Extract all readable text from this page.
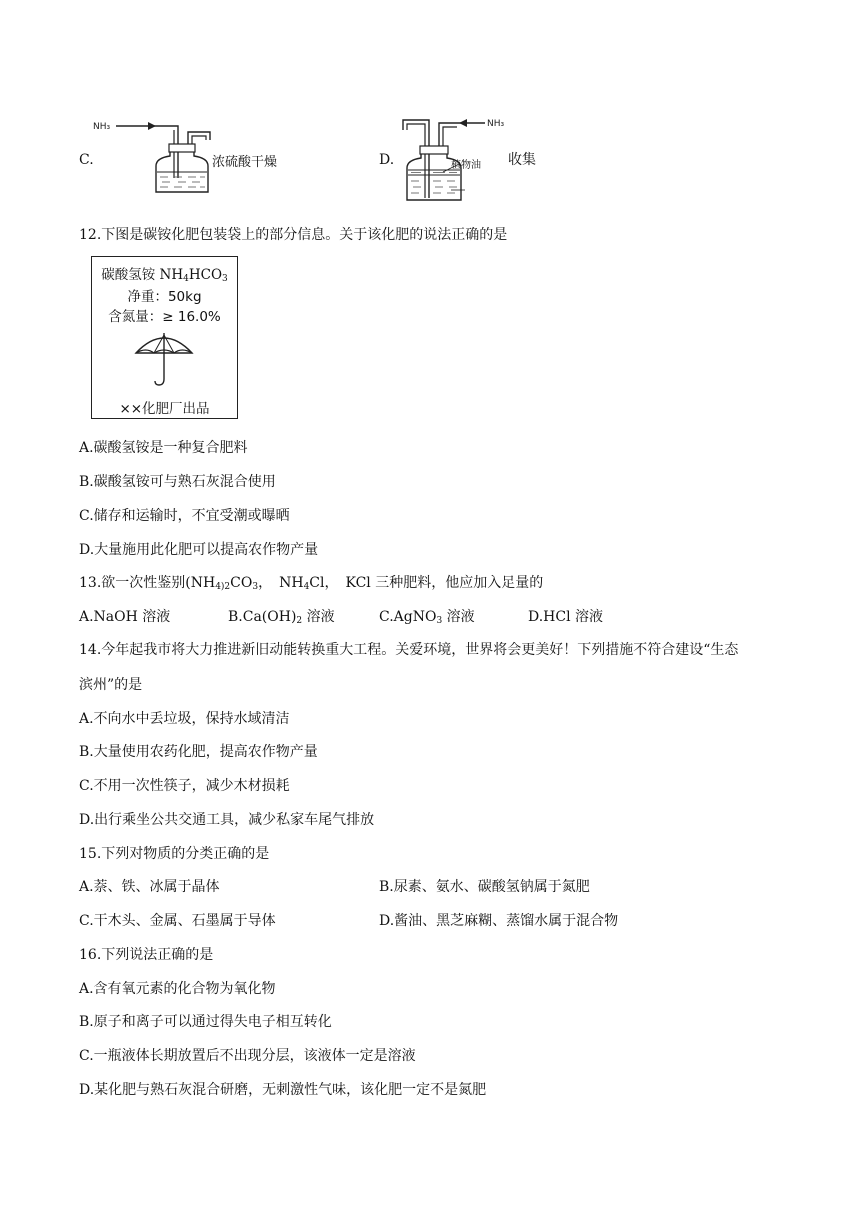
C.
NH₃
浓硫酸干燥	D.
NH₃
植物油 收集
12.下图是碳铵化肥包装袋上的部分信息。关于该化肥的说法正确的是
碳酸氢铵 $NH_4HCO_3$
净重：50kg
含氮量：≥ 16.0%
××化肥厂出品
A.碳酸氢铵是一种复合肥料
B.碳酸氢铵可与熟石灰混合使用
C.储存和运输时，不宜受潮或曝晒
D.大量施用此化肥可以提高农作物产量
13.欲一次性鉴别($NH_{4)2}CO_3$，　$NH_4Cl$，　KCl 三种肥料，他应加入足量的
A.NaOH 溶液	$B.Ca(OH)_2$ 溶液	C.AgNO$_3$ 溶液	D.HCl 溶液
14.今年起我市将大力推进新旧动能转换重大工程。关爱环境，世界将会更美好！下列措施不符合建设“生态
滨州”的是
A.不向水中丢垃圾，保持水域清洁
B.大量使用农药化肥，提高农作物产量
C.不用一次性筷子，减少木材损耗
D.出行乘坐公共交通工具，减少私家车尾气排放
15.下列对物质的分类正确的是
A.萘、铁、冰属于晶体	B.尿素、氨水、碳酸氢钠属于氮肥
C.干木头、金属、石墨属于导体	D.酱油、黑芝麻糊、蒸馏水属于混合物
16.下列说法正确的是
A.含有氧元素的化合物为氧化物
B.原子和离子可以通过得失电子相互转化
C.一瓶液体长期放置后不出现分层，该液体一定是溶液
D.某化肥与熟石灰混合研磨，无刺激性气味，该化肥一定不是氮肥
